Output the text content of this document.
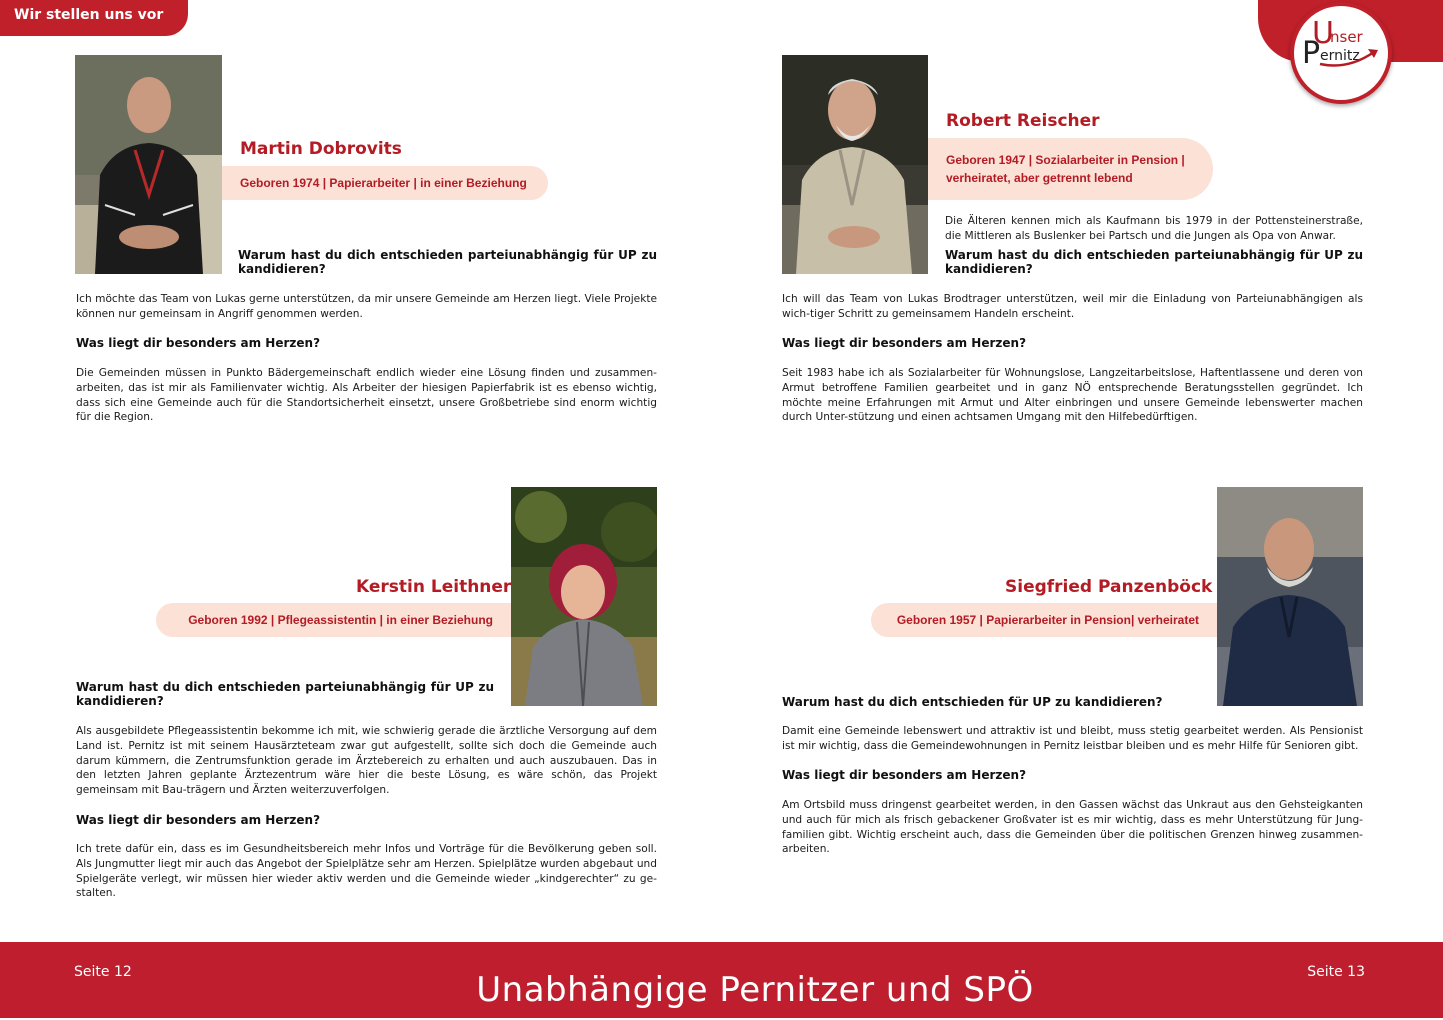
Wir stellen uns vor
U
nser
P ernitz
Martin Dobrovits
Geboren 1974 | Papierarbeiter | in einer Beziehung
Warum hast du dich entschieden parteiunabhängig für UP zu kandidieren?
Ich möchte das Team von Lukas gerne unterstützen, da mir unsere Gemeinde am Herzen liegt. Viele Projekte können nur gemeinsam in Angriff genommen werden.
Was liegt dir besonders am Herzen?
Die Gemeinden müssen in Punkto Bädergemeinschaft endlich wieder eine Lösung finden und zusammen-arbeiten, das ist mir als Familienvater wichtig. Als Arbeiter der hiesigen Papierfabrik ist es ebenso wichtig, dass sich eine Gemeinde auch für die Standortsicherheit einsetzt, unsere Großbetriebe sind enorm wichtig für die Region.
Robert Reischer
Geboren 1947 | Sozialarbeiter in Pension |
verheiratet, aber getrennt lebend
Die Älteren kennen mich als Kaufmann bis 1979 in der Pottensteinerstraße, die Mittleren als Buslenker bei Partsch und die Jungen als Opa von Anwar.
Warum hast du dich entschieden parteiunabhängig für UP zu kandidieren?
Ich will das Team von Lukas Brodtrager unterstützen, weil mir die Einladung von Parteiunabhängigen als wich-tiger Schritt zu gemeinsamem Handeln erscheint.
Was liegt dir besonders am Herzen?
Seit 1983 habe ich als Sozialarbeiter für Wohnungslose, Langzeitarbeitslose, Haftentlassene und deren von Armut betroffene Familien gearbeitet und in ganz NÖ entsprechende Beratungsstellen gegründet. Ich möchte meine Erfahrungen mit Armut und Alter einbringen und unsere Gemeinde lebenswerter machen durch Unter-stützung und einen achtsamen Umgang mit den Hilfebedürftigen.
Kerstin Leithner
Geboren 1992 | Pflegeassistentin | in einer Beziehung
Warum hast du dich entschieden parteiunabhängig für UP zu kandidieren?
Als ausgebildete Pflegeassistentin bekomme ich mit, wie schwierig gerade die ärztliche Versorgung auf dem Land ist. Pernitz ist mit seinem Hausärzteteam zwar gut aufgestellt, sollte sich doch die Gemeinde auch darum kümmern, die Zentrumsfunktion gerade im Ärztebereich zu erhalten und auch auszubauen. Das in den letzten Jahren geplante Ärztezentrum wäre hier die beste Lösung, es wäre schön, das Projekt gemeinsam mit Bau-trägern und Ärzten weiterzuverfolgen.
Was liegt dir besonders am Herzen?
Ich trete dafür ein, dass es im Gesundheitsbereich mehr Infos und Vorträge für die Bevölkerung geben soll. Als Jungmutter liegt mir auch das Angebot der Spielplätze sehr am Herzen. Spielplätze wurden abgebaut und Spielgeräte verlegt, wir müssen hier wieder aktiv werden und die Gemeinde wieder „kindgerechter“ zu ge-stalten.
Siegfried Panzenböck
Geboren 1957 | Papierarbeiter in Pension| verheiratet
Warum hast du dich entschieden für UP zu kandidieren?
Damit eine Gemeinde lebenswert und attraktiv ist und bleibt, muss stetig gearbeitet werden. Als Pensionist ist mir wichtig, dass die Gemeindewohnungen in Pernitz leistbar bleiben und es mehr Hilfe für Senioren gibt.
Was liegt dir besonders am Herzen?
Am Ortsbild muss dringenst gearbeitet werden, in den Gassen wächst das Unkraut aus den Gehsteigkanten und auch für mich als frisch gebackener Großvater ist es mir wichtig, dass es mehr Unterstützung für Jung-familien gibt. Wichtig erscheint auch, dass die Gemeinden über die politischen Grenzen hinweg zusammen-arbeiten.
Seite 12	Seite 13
Unabhängige Pernitzer und SPÖ
